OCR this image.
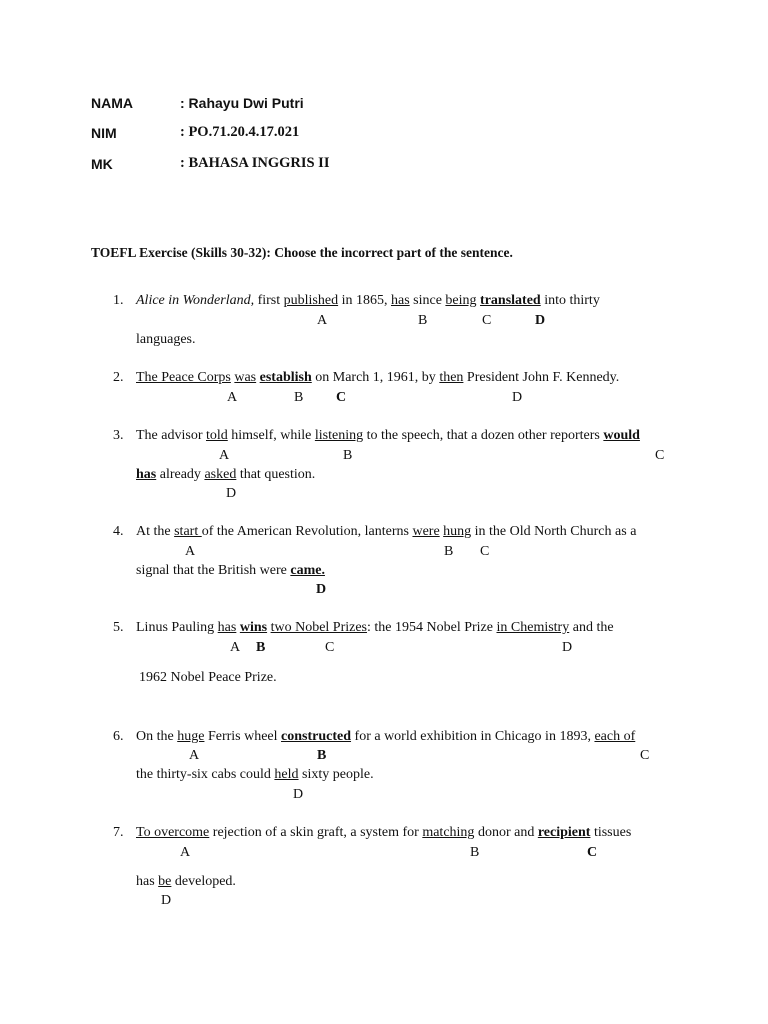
NAMA	: Rahayu Dwi Putri
NIM	: PO.71.20.4.17.021
MK	: BAHASA INGGRIS II
TOEFL Exercise (Skills 30-32): Choose the incorrect part of the sentence.
1. Alice in Wonderland, first published in 1865, has since being translated into thirty
A	B	C	D
languages.
2. The Peace Corps was establish on March 1, 1961, by then President John F. Kennedy.
A	B C	D
3. The advisor told himself, while listening to the speech, that a dozen other reporters would
A	B	C
has already asked that question.
D
4. At the start of the American Revolution, lanterns were hung in the Old North Church as a
A	B C
signal that the British were came.
D
5. Linus Pauling has wins two Nobel Prizes: the 1954 Nobel Prize in Chemistry and the
A B	C	D
1962 Nobel Peace Prize.
6. On the huge Ferris wheel constructed for a world exhibition in Chicago in 1893, each of
A	B	C
the thirty-six cabs could held sixty people.
D
7. To overcome rejection of a skin graft, a system for matching donor and recipient tissues
A	B	C
has be developed.
D
